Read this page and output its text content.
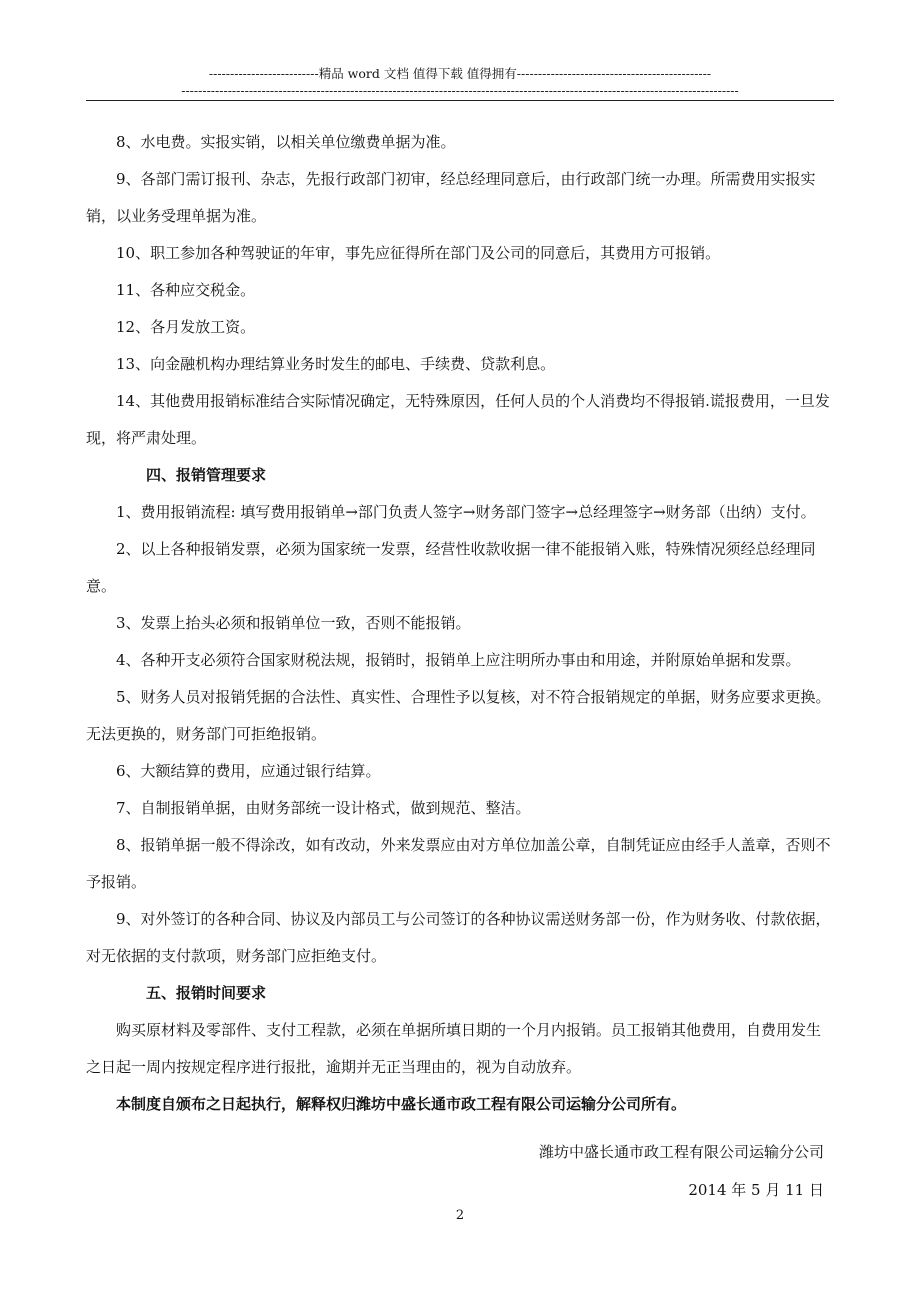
--------------------------精品 word 文档 值得下载 值得拥有----------------------------------------------
------------------------------------------------------------------------------------------------------------------------------------

8、水电费。实报实销，以相关单位缴费单据为准。

9、各部门需订报刊、杂志，先报行政部门初审，经总经理同意后，由行政部门统一办理。所需费用实报实销，以业务受理单据为准。

10、职工参加各种驾驶证的年审，事先应征得所在部门及公司的同意后，其费用方可报销。

11、各种应交税金。

12、各月发放工资。

13、向金融机构办理结算业务时发生的邮电、手续费、贷款利息。

14、其他费用报销标准结合实际情况确定，无特殊原因，任何人员的个人消费均不得报销.谎报费用，一旦发现，将严肃处理。

四、报销管理要求

1、费用报销流程: 填写费用报销单→部门负责人签字→财务部门签字→总经理签字→财务部（出纳）支付。

2、以上各种报销发票，必须为国家统一发票，经营性收款收据一律不能报销入账，特殊情况须经总经理同意。

3、发票上抬头必须和报销单位一致，否则不能报销。

4、各种开支必须符合国家财税法规，报销时，报销单上应注明所办事由和用途，并附原始单据和发票。

5、财务人员对报销凭据的合法性、真实性、合理性予以复核，对不符合报销规定的单据，财务应要求更换。无法更换的，财务部门可拒绝报销。

6、大额结算的费用，应通过银行结算。

7、自制报销单据，由财务部统一设计格式，做到规范、整洁。

8、报销单据一般不得涂改，如有改动，外来发票应由对方单位加盖公章，自制凭证应由经手人盖章，否则不予报销。

9、对外签订的各种合同、协议及内部员工与公司签订的各种协议需送财务部一份，作为财务收、付款依据，对无依据的支付款项，财务部门应拒绝支付。

五、报销时间要求

购买原材料及零部件、支付工程款，必须在单据所填日期的一个月内报销。员工报销其他费用，自费用发生之日起一周内按规定程序进行报批，逾期并无正当理由的，视为自动放弃。

本制度自颁布之日起执行，解释权归潍坊中盛长通市政工程有限公司运输分公司所有。

潍坊中盛长通市政工程有限公司运输分公司
2014 年 5 月 11 日
2
